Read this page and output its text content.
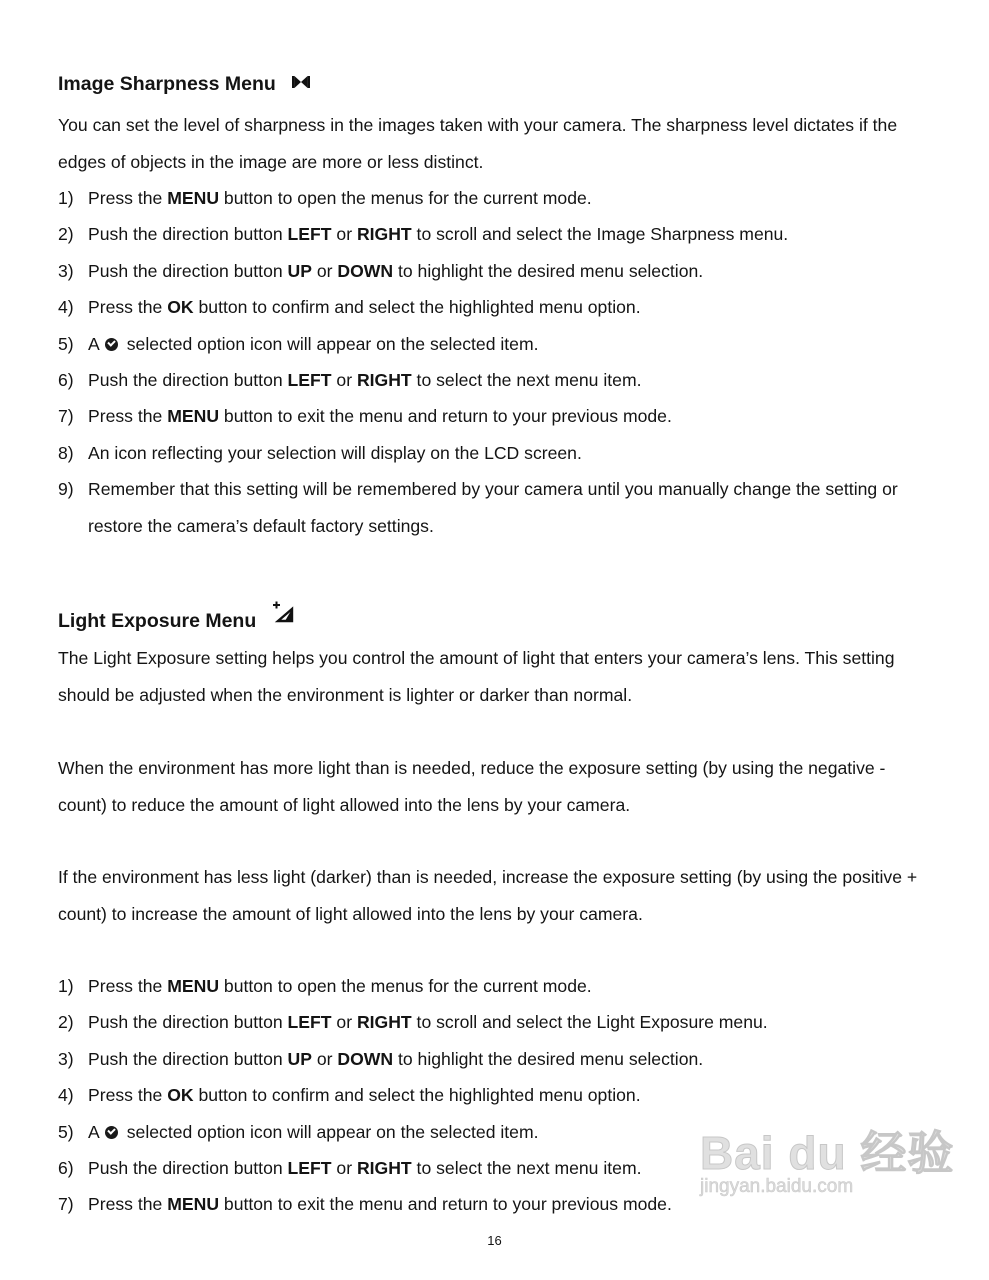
Image Sharpness Menu

You can set the level of sharpness in the images taken with your camera. The sharpness level dictates if the edges of objects in the image are more or less distinct.

1) Press the MENU button to open the menus for the current mode.
2) Push the direction button LEFT or RIGHT to scroll and select the Image Sharpness menu.
3) Push the direction button UP or DOWN to highlight the desired menu selection.
4) Press the OK button to confirm and select the highlighted menu option.
5) A selected option icon will appear on the selected item.
6) Push the direction button LEFT or RIGHT to select the next menu item.
7) Press the MENU button to exit the menu and return to your previous mode.
8) An icon reflecting your selection will display on the LCD screen.
9) Remember that this setting will be remembered by your camera until you manually change the setting or restore the camera’s default factory settings.
Light Exposure Menu

The Light Exposure setting helps you control the amount of light that enters your camera’s lens. This setting should be adjusted when the environment is lighter or darker than normal.

When the environment has more light than is needed, reduce the exposure setting (by using the negative - count) to reduce the amount of light allowed into the lens by your camera.

If the environment has less light (darker) than is needed, increase the exposure setting (by using the positive + count) to increase the amount of light allowed into the lens by your camera.

1) Press the MENU button to open the menus for the current mode.
2) Push the direction button LEFT or RIGHT to scroll and select the Light Exposure menu.
3) Push the direction button UP or DOWN to highlight the desired menu selection.
4) Press the OK button to confirm and select the highlighted menu option.
5) A selected option icon will appear on the selected item.
6) Push the direction button LEFT or RIGHT to select the next menu item.
7) Press the MENU button to exit the menu and return to your previous mode.
16
Bai du 经验
jingyan.baidu.com
